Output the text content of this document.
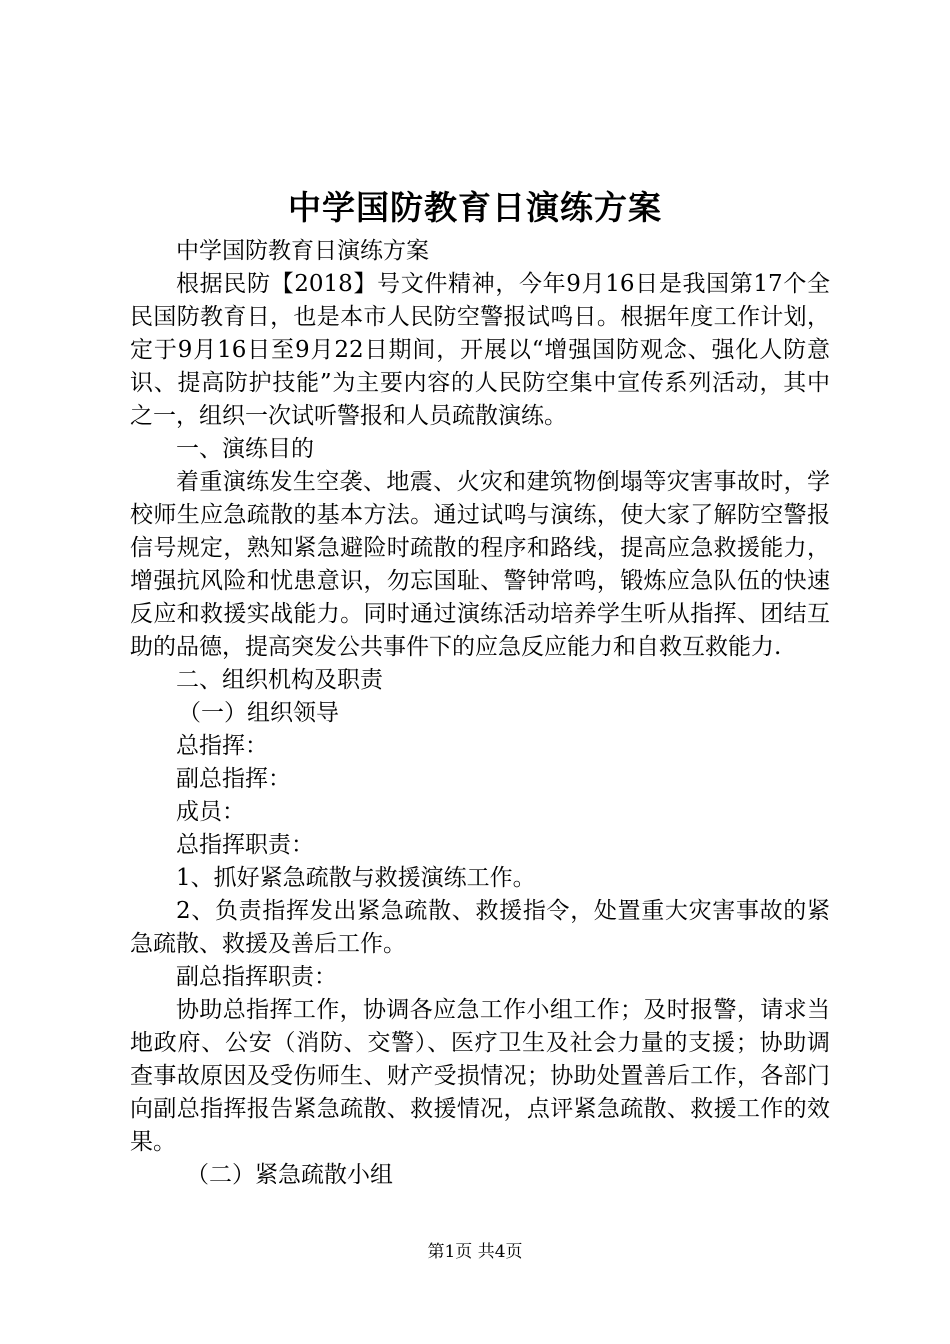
中学国防教育日演练方案

中学国防教育日演练方案

根据民防【2018】号文件精神，今年9月16日是我国第17个全民国防教育日，也是本市人民防空警报试鸣日。根据年度工作计划，定于9月16日至9月22日期间，开展以“增强国防观念、强化人防意识、提高防护技能”为主要内容的人民防空集中宣传系列活动，其中之一，组织一次试听警报和人员疏散演练。

一、演练目的

着重演练发生空袭、地震、火灾和建筑物倒塌等灾害事故时，学校师生应急疏散的基本方法。通过试鸣与演练，使大家了解防空警报信号规定，熟知紧急避险时疏散的程序和路线，提高应急救援能力，增强抗风险和忧患意识，勿忘国耻、警钟常鸣，锻炼应急队伍的快速反应和救援实战能力。同时通过演练活动培养学生听从指挥、团结互助的品德，提高突发公共事件下的应急反应能力和自救互救能力.

二、组织机构及职责

（一）组织领导

总指挥：

副总指挥：

成员：

总指挥职责：

1、抓好紧急疏散与救援演练工作。

2、负责指挥发出紧急疏散、救援指令，处置重大灾害事故的紧急疏散、救援及善后工作。

副总指挥职责：

协助总指挥工作，协调各应急工作小组工作；及时报警，请求当地政府、公安（消防、交警）、医疗卫生及社会力量的支援；协助调查事故原因及受伤师生、财产受损情况；协助处置善后工作，各部门向副总指挥报告紧急疏散、救援情况，点评紧急疏散、救援工作的效果。

（二）紧急疏散小组

第1页 共4页
